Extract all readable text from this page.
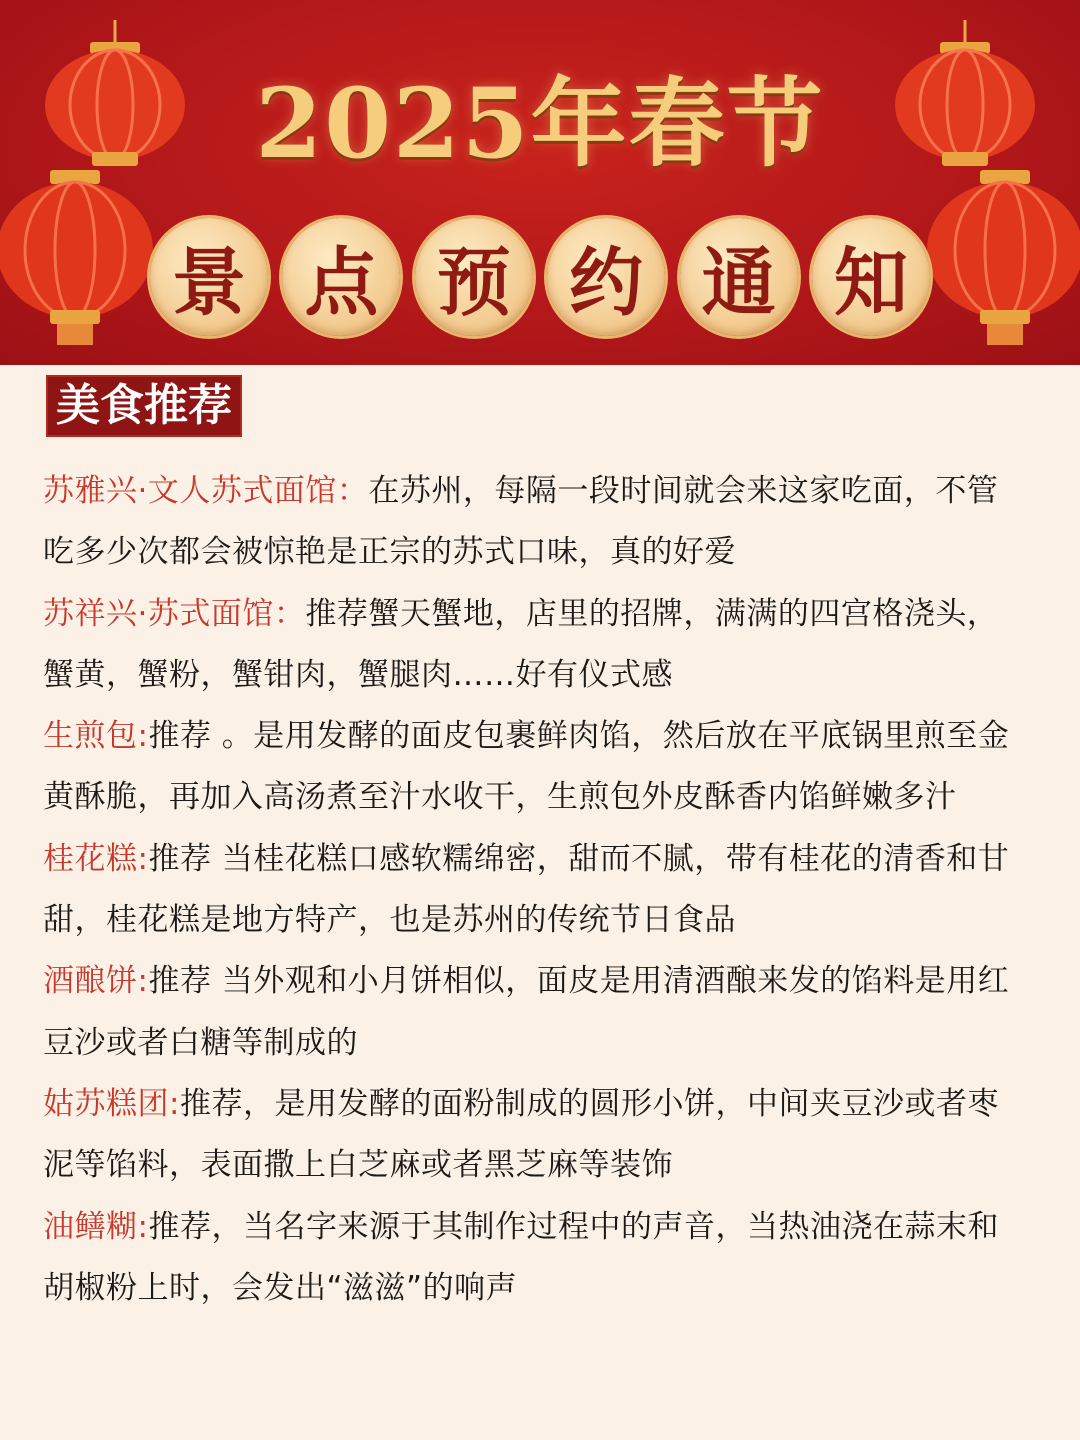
2025年春节
景 点 预 约 通 知
美食推荐
苏雅兴·文人苏式面馆：在苏州，每隔一段时间就会来这家吃面，不管吃多少次都会被惊艳是正宗的苏式口味，真的好爱
苏祥兴·苏式面馆：推荐蟹天蟹地，店里的招牌，满满的四宫格浇头，蟹黄，蟹粉，蟹钳肉，蟹腿肉……好有仪式感
生煎包:推荐 。是用发酵的面皮包裹鲜肉馅，然后放在平底锅里煎至金黄酥脆，再加入高汤煮至汁水收干，生煎包外皮酥香内馅鲜嫩多汁
桂花糕:推荐 当桂花糕口感软糯绵密，甜而不腻，带有桂花的清香和甘甜，桂花糕是地方特产，也是苏州的传统节日食品
酒酿饼:推荐 当外观和小月饼相似，面皮是用清酒酿来发的馅料是用红豆沙或者白糖等制成的
姑苏糕团:推荐，是用发酵的面粉制成的圆形小饼，中间夹豆沙或者枣泥等馅料，表面撒上白芝麻或者黑芝麻等装饰
油鳝糊:推荐，当名字来源于其制作过程中的声音，当热油浇在蒜末和胡椒粉上时，会发出“滋滋”的响声
